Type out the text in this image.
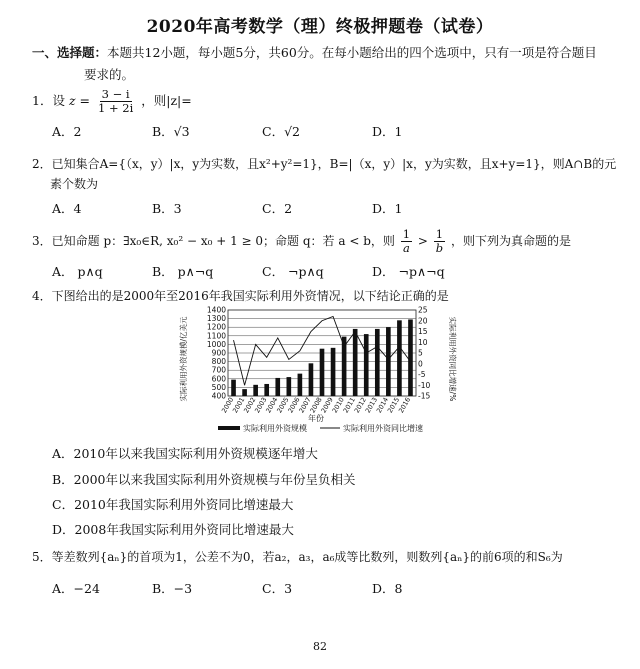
2020年高考数学（理）终极押题卷（试卷）
一、选择题：本题共12小题，每小题5分，共60分。在每小题给出的四个选项中，只有一项是符合题目
要求的。
1．设 $z = \frac{3 - i}{1 + 2i}$ ，则|z|=
A．2	B．√3	C．√2	D．1
2．已知集合A={（x，y）|x，y为实数，且x²+y²=1}，B=|（x，y）|x，y为实数，且x+y=1}，则A∩B的元
素个数为
A．4	B．3	C．2	D．1
3．已知命题 p：∃x₀∈R, x₀² − x₀ + 1 ≥ 0；命题 q：若 a < b，则 $\frac{1}{a} > \frac{1}{b}$ ，则下列为真命题的是
A． p∧q	B． p∧¬q	C． ¬p∧q	D． ¬p∧¬q
4．下图给出的是2000年至2016年我国实际利用外资情况，以下结论正确的是
400
500
600
700
800
900
1000
1100
1200
1300
1400
-15
-10
-5
0
5
10
15
20
25
2000
2001
2002
2003
2004
2005
2006
2007
2008
2009
2010
2011
2012
2013
2014
2015
2016
实际利用外资规模/亿美元	实际利用外资同比增速/%
年份
实际利用外资规模	实际利用外资同比增速
A．2010年以来我国实际利用外资规模逐年增大
B．2000年以来我国实际利用外资规模与年份呈负相关
C．2010年我国实际利用外资同比增速最大
D．2008年我国实际利用外资同比增速最大
5．等差数列{aₙ}的首项为1，公差不为0，若a₂，a₃，a₆成等比数列，则数列{aₙ}的前6项的和S₆为
A．−24	B．−3	C．3	D．8
82
